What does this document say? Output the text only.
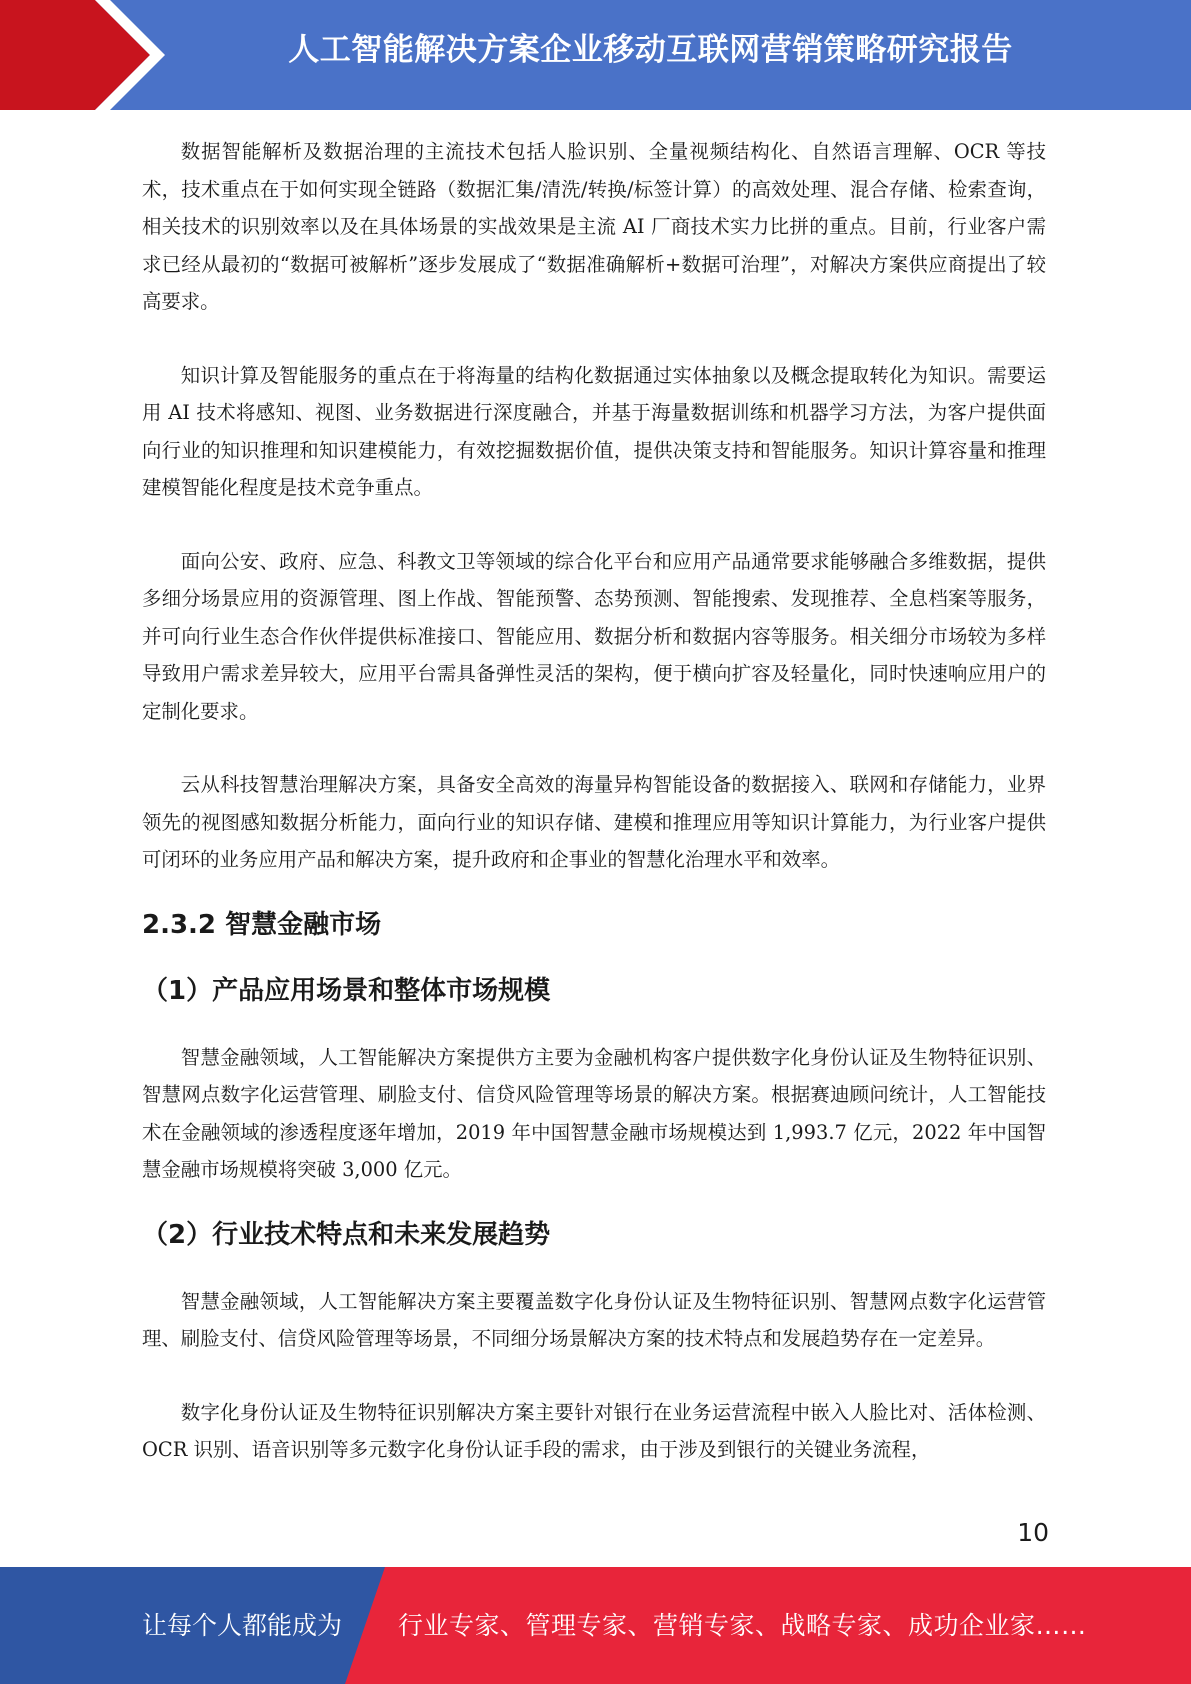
人工智能解决方案企业移动互联网营销策略研究报告

数据智能解析及数据治理的主流技术包括人脸识别、全量视频结构化、自然语言理解、OCR 等技术，技术重点在于如何实现全链路（数据汇集/清洗/转换/标签计算）的高效处理、混合存储、检索查询，相关技术的识别效率以及在具体场景的实战效果是主流 AI 厂商技术实力比拼的重点。目前，行业客户需求已经从最初的“数据可被解析”逐步发展成了“数据准确解析+数据可治理”，对解决方案供应商提出了较高要求。

知识计算及智能服务的重点在于将海量的结构化数据通过实体抽象以及概念提取转化为知识。需要运用 AI 技术将感知、视图、业务数据进行深度融合，并基于海量数据训练和机器学习方法，为客户提供面向行业的知识推理和知识建模能力，有效挖掘数据价值，提供决策支持和智能服务。知识计算容量和推理建模智能化程度是技术竞争重点。

面向公安、政府、应急、科教文卫等领域的综合化平台和应用产品通常要求能够融合多维数据，提供多细分场景应用的资源管理、图上作战、智能预警、态势预测、智能搜索、发现推荐、全息档案等服务，并可向行业生态合作伙伴提供标准接口、智能应用、数据分析和数据内容等服务。相关细分市场较为多样导致用户需求差异较大，应用平台需具备弹性灵活的架构，便于横向扩容及轻量化，同时快速响应用户的定制化要求。

云从科技智慧治理解决方案，具备安全高效的海量异构智能设备的数据接入、联网和存储能力，业界领先的视图感知数据分析能力，面向行业的知识存储、建模和推理应用等知识计算能力，为行业客户提供可闭环的业务应用产品和解决方案，提升政府和企事业的智慧化治理水平和效率。

2.3.2 智慧金融市场
（1）产品应用场景和整体市场规模

智慧金融领域，人工智能解决方案提供方主要为金融机构客户提供数字化身份认证及生物特征识别、智慧网点数字化运营管理、刷脸支付、信贷风险管理等场景的解决方案。根据赛迪顾问统计，人工智能技术在金融领域的渗透程度逐年增加，2019 年中国智慧金融市场规模达到 1,993.7 亿元，2022 年中国智慧金融市场规模将突破 3,000 亿元。

（2）行业技术特点和未来发展趋势

智慧金融领域，人工智能解决方案主要覆盖数字化身份认证及生物特征识别、智慧网点数字化运营管理、刷脸支付、信贷风险管理等场景，不同细分场景解决方案的技术特点和发展趋势存在一定差异。

数字化身份认证及生物特征识别解决方案主要针对银行在业务运营流程中嵌入人脸比对、活体检测、OCR 识别、语音识别等多元数字化身份认证手段的需求，由于涉及到银行的关键业务流程，

10
让每个人都能成为 行业专家、管理专家、营销专家、战略专家、成功企业家……
